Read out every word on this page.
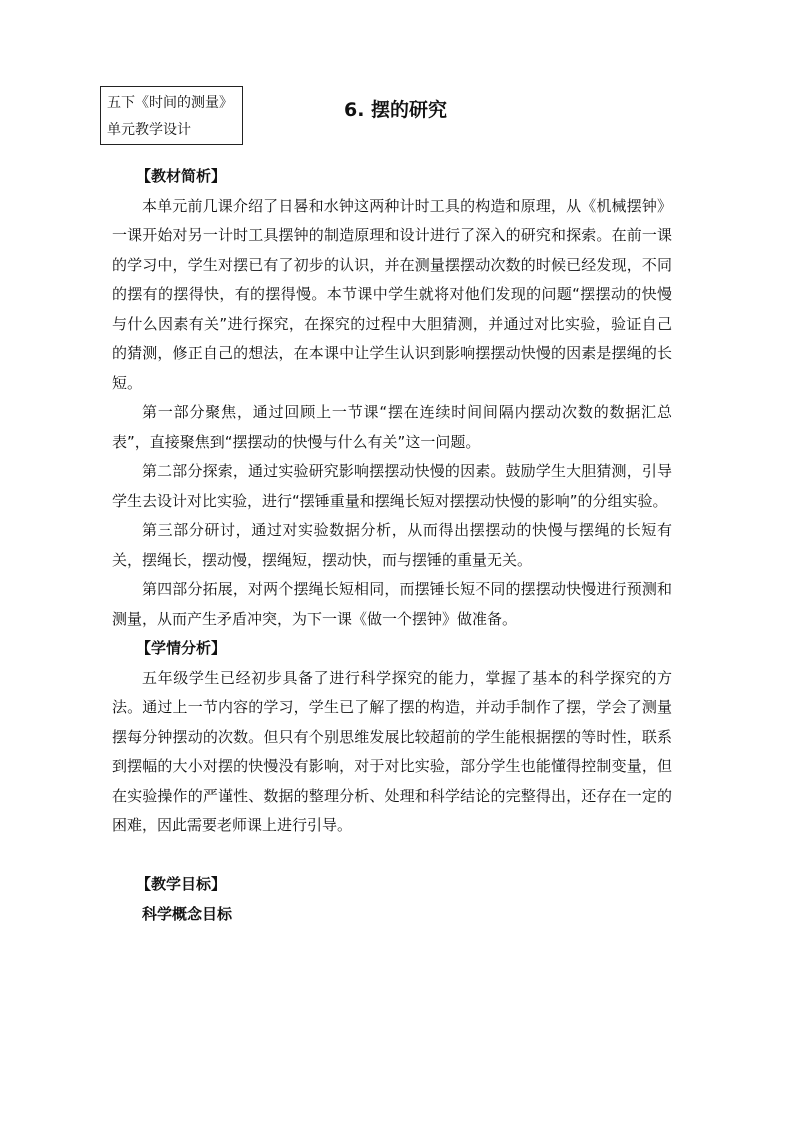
五下《时间的测量》
单元教学设计
6. 摆的研究

【教材简析】

本单元前几课介绍了日晷和水钟这两种计时工具的构造和原理，从《机械摆钟》一课开始对另一计时工具摆钟的制造原理和设计进行了深入的研究和探索。在前一课的学习中，学生对摆已有了初步的认识，并在测量摆摆动次数的时候已经发现，不同的摆有的摆得快，有的摆得慢。本节课中学生就将对他们发现的问题“摆摆动的快慢与什么因素有关”进行探究，在探究的过程中大胆猜测，并通过对比实验，验证自己的猜测，修正自己的想法，在本课中让学生认识到影响摆摆动快慢的因素是摆绳的长短。

第一部分聚焦，通过回顾上一节课“摆在连续时间间隔内摆动次数的数据汇总表”，直接聚焦到“摆摆动的快慢与什么有关”这一问题。

第二部分探索，通过实验研究影响摆摆动快慢的因素。鼓励学生大胆猜测，引导学生去设计对比实验，进行“摆锤重量和摆绳长短对摆摆动快慢的影响”的分组实验。

第三部分研讨，通过对实验数据分析，从而得出摆摆动的快慢与摆绳的长短有关，摆绳长，摆动慢，摆绳短，摆动快，而与摆锤的重量无关。

第四部分拓展，对两个摆绳长短相同，而摆锤长短不同的摆摆动快慢进行预测和测量，从而产生矛盾冲突，为下一课《做一个摆钟》做准备。

【学情分析】

五年级学生已经初步具备了进行科学探究的能力，掌握了基本的科学探究的方法。通过上一节内容的学习，学生已了解了摆的构造，并动手制作了摆，学会了测量摆每分钟摆动的次数。但只有个别思维发展比较超前的学生能根据摆的等时性，联系到摆幅的大小对摆的快慢没有影响，对于对比实验，部分学生也能懂得控制变量，但在实验操作的严谨性、数据的整理分析、处理和科学结论的完整得出，还存在一定的困难，因此需要老师课上进行引导。

【教学目标】

科学概念目标
